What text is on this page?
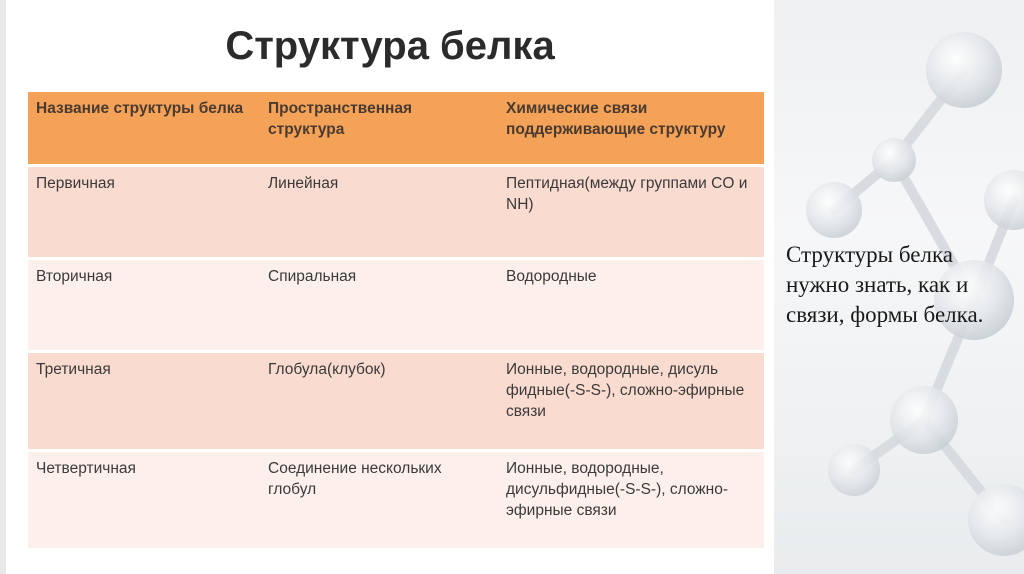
Структура белка
Название структуры белка	Пространственная структура	Химические связи поддерживающие структуру
Первичная	Линейная	Пептидная(между группами CO и NH)
Вторичная	Спиральная	Водородные
Третичная	Глобула(клубок)	Ионные, водородные, дисуль фидные(-S-S-), сложно-эфирные связи
Четвертичная	Соединение нескольких глобул	Ионные, водородные, дисульфидные(-S-S-), сложно-эфирные связи
Структуры белка нужно знать, как и связи, формы белка.
